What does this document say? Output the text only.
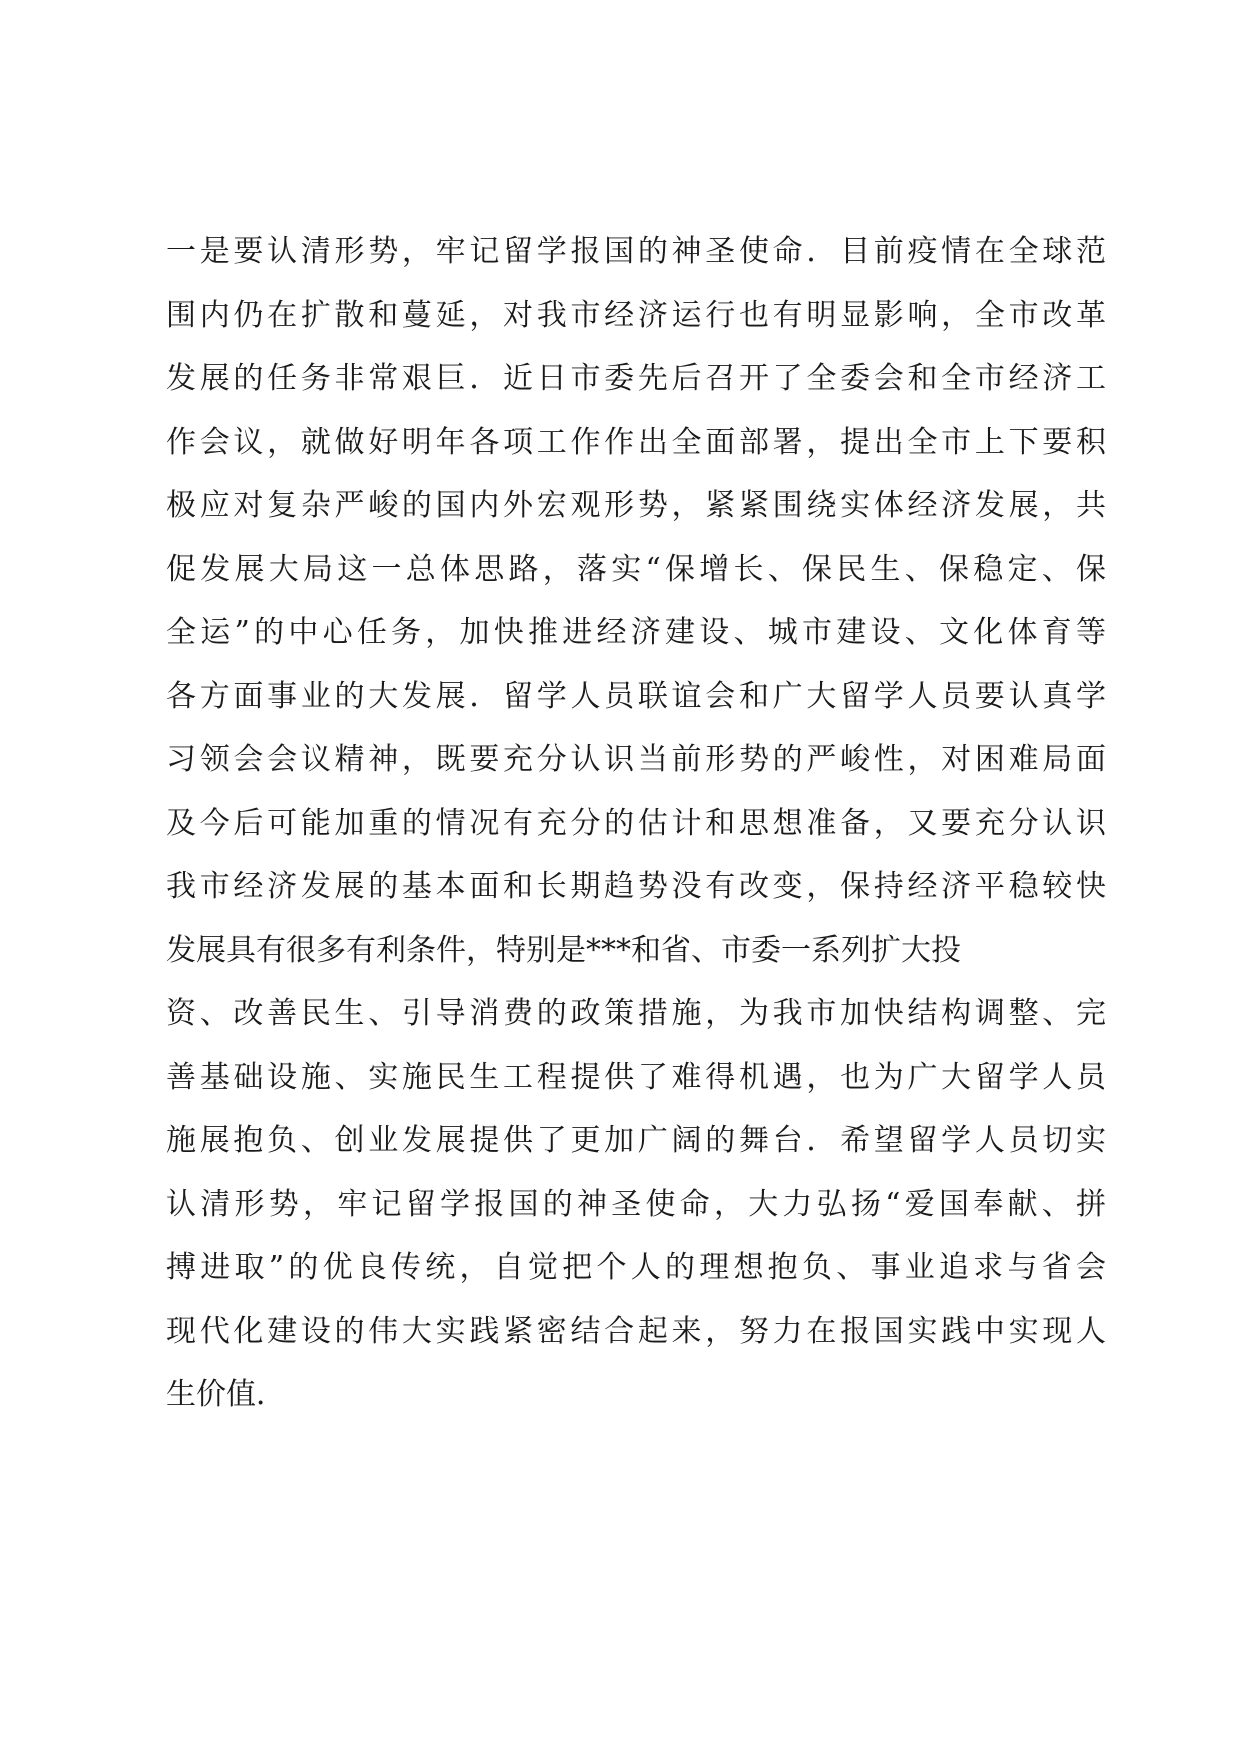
一是要认清形势，牢记留学报国的神圣使命．目前疫情在全球范
围内仍在扩散和蔓延，对我市经济运行也有明显影响，全市改革
发展的任务非常艰巨．近日市委先后召开了全委会和全市经济工
作会议，就做好明年各项工作作出全面部署，提出全市上下要积
极应对复杂严峻的国内外宏观形势，紧紧围绕实体经济发展，共
促发展大局这一总体思路，落实“保增长、保民生、保稳定、保
全运”的中心任务，加快推进经济建设、城市建设、文化体育等
各方面事业的大发展．留学人员联谊会和广大留学人员要认真学
习领会会议精神，既要充分认识当前形势的严峻性，对困难局面
及今后可能加重的情况有充分的估计和思想准备，又要充分认识
我市经济发展的基本面和长期趋势没有改变，保持经济平稳较快
发展具有很多有利条件，特别是***和省、市委一系列扩大投
资、改善民生、引导消费的政策措施，为我市加快结构调整、完
善基础设施、实施民生工程提供了难得机遇，也为广大留学人员
施展抱负、创业发展提供了更加广阔的舞台．希望留学人员切实
认清形势，牢记留学报国的神圣使命，大力弘扬“爱国奉献、拼
搏进取”的优良传统，自觉把个人的理想抱负、事业追求与省会
现代化建设的伟大实践紧密结合起来，努力在报国实践中实现人
生价值．
